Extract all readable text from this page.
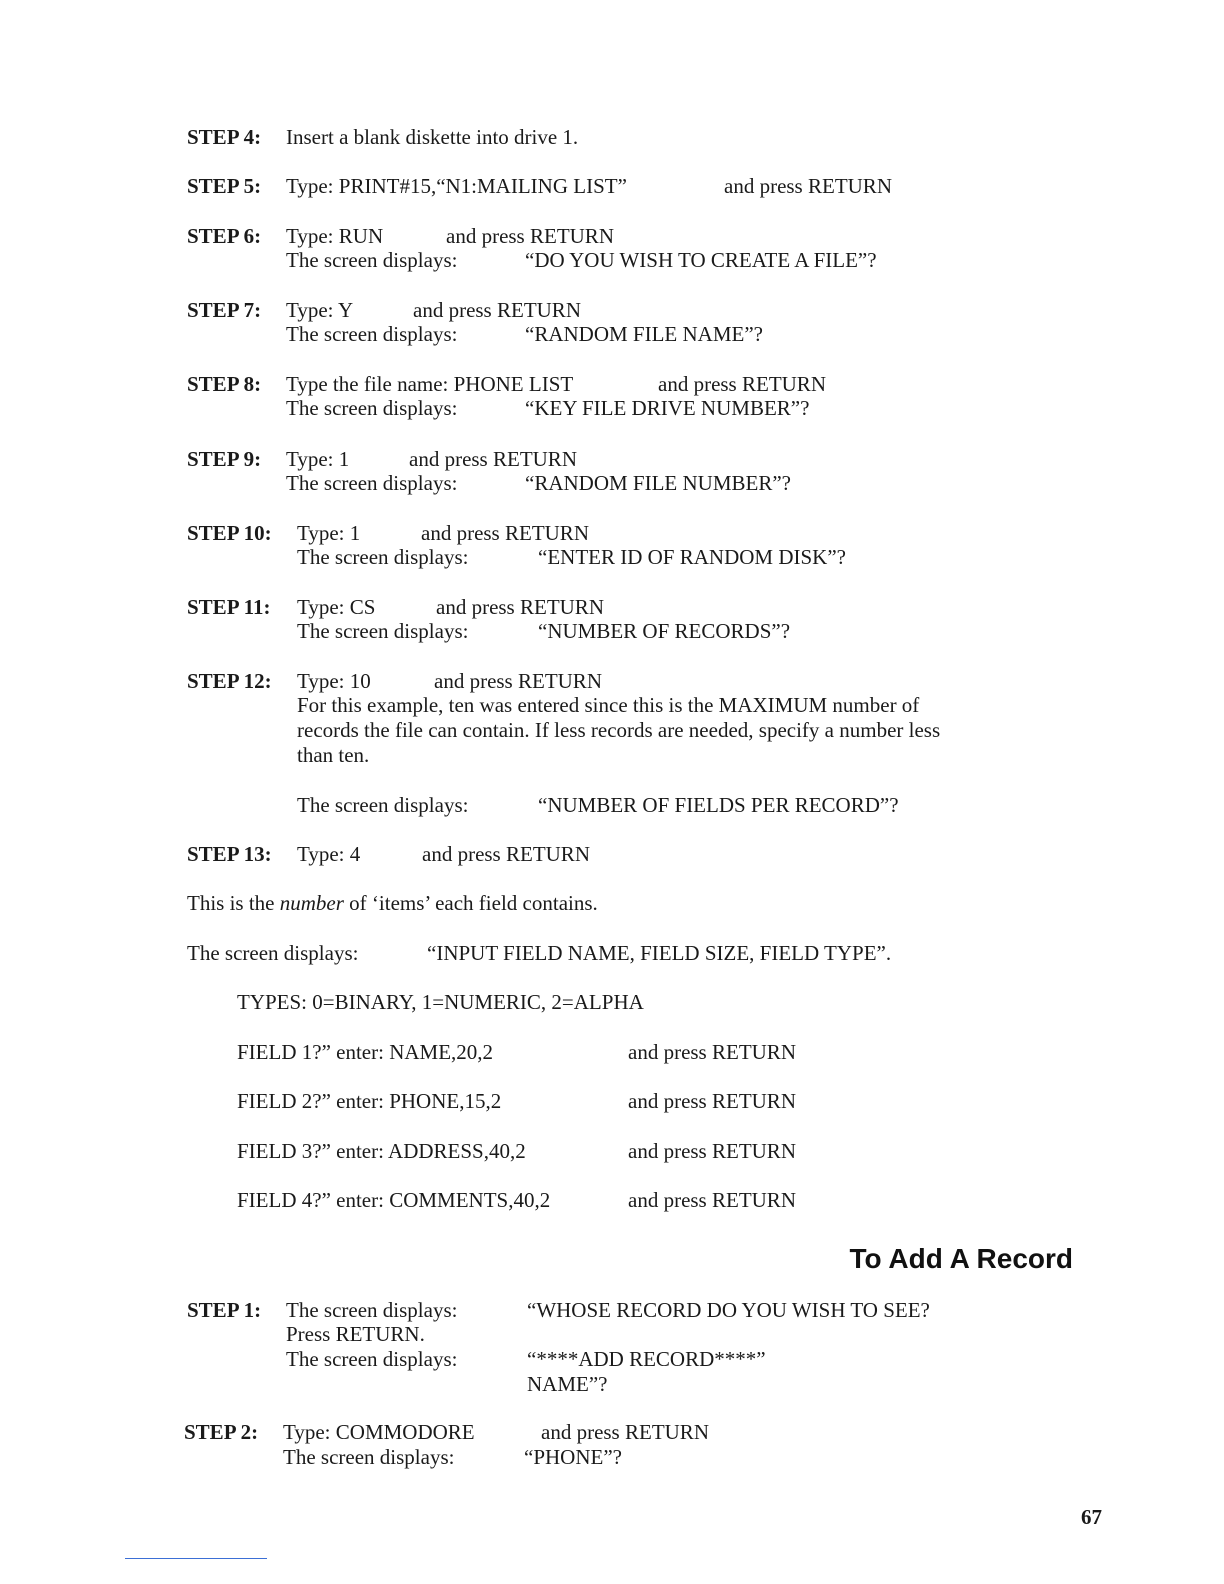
STEP 4: Insert a blank diskette into drive 1.
STEP 5: Type: PRINT#15,“N1:MAILING LIST”	and press RETURN
STEP 6: Type: RUN	and press RETURN
The screen displays:	“DO YOU WISH TO CREATE A FILE”?
STEP 7: Type: Y	and press RETURN
The screen displays:	“RANDOM FILE NAME”?
STEP 8: Type the file name: PHONE LIST	and press RETURN
The screen displays:	“KEY FILE DRIVE NUMBER”?
STEP 9: Type: 1	and press RETURN
The screen displays:	“RANDOM FILE NUMBER”?
STEP 10: Type: 1	and press RETURN
The screen displays:	“ENTER ID OF RANDOM DISK”?
STEP 11: Type: CS	and press RETURN
The screen displays:	“NUMBER OF RECORDS”?
STEP 12: Type: 10	and press RETURN
For this example, ten was entered since this is the MAXIMUM number of
records the file can contain. If less records are needed, specify a number less
than ten.
The screen displays:	“NUMBER OF FIELDS PER RECORD”?
STEP 13: Type: 4	and press RETURN
This is the number of ‘items’ each field contains.
The screen displays:	“INPUT FIELD NAME, FIELD SIZE, FIELD TYPE”.
TYPES: 0=BINARY, 1=NUMERIC, 2=ALPHA
FIELD 1?” enter: NAME,20,2	and press RETURN
FIELD 2?” enter: PHONE,15,2	and press RETURN
FIELD 3?” enter: ADDRESS,40,2	and press RETURN
FIELD 4?” enter: COMMENTS,40,2	and press RETURN
To Add A Record
STEP 1: The screen displays:	“WHOSE RECORD DO YOU WISH TO SEE?
Press RETURN.
The screen displays:	“****ADD RECORD****”
NAME”?
STEP 2: Type: COMMODORE	and press RETURN
The screen displays:	“PHONE”?
67
